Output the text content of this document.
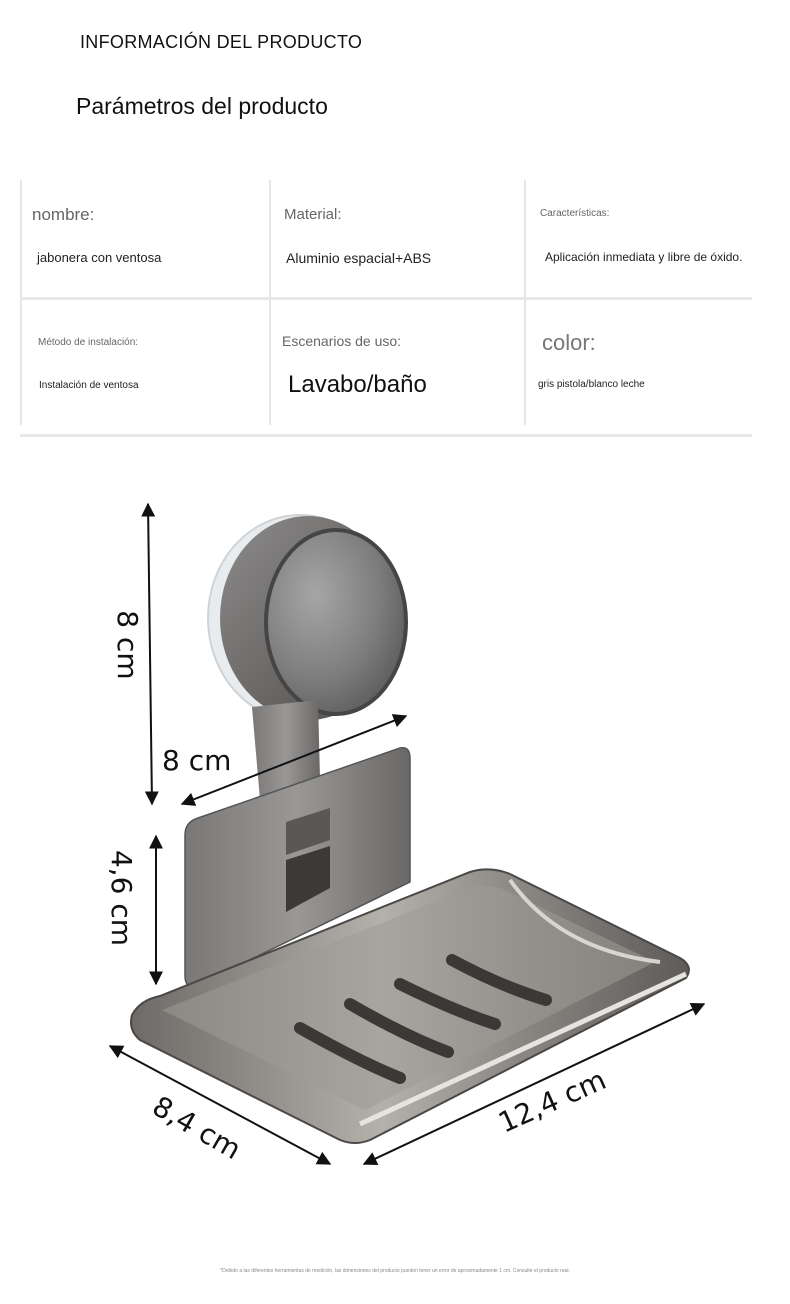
INFORMACIÓN DEL PRODUCTO
Parámetros del producto
nombre:
jabonera con ventosa
Material:
Aluminio espacial+ABS
Características:
Aplicación inmediata y libre de óxido.
Método de instalación:
Instalación de ventosa
Escenarios de uso:
Lavabo/baño
color:
gris pistola/blanco leche
8 cm
8 cm
4,6 cm
8,4 cm	12,4 cm
*Debido a las diferentes herramientas de medición, las dimensiones del producto pueden tener un error de aproximadamente 1 cm. Consulte el producto real.
